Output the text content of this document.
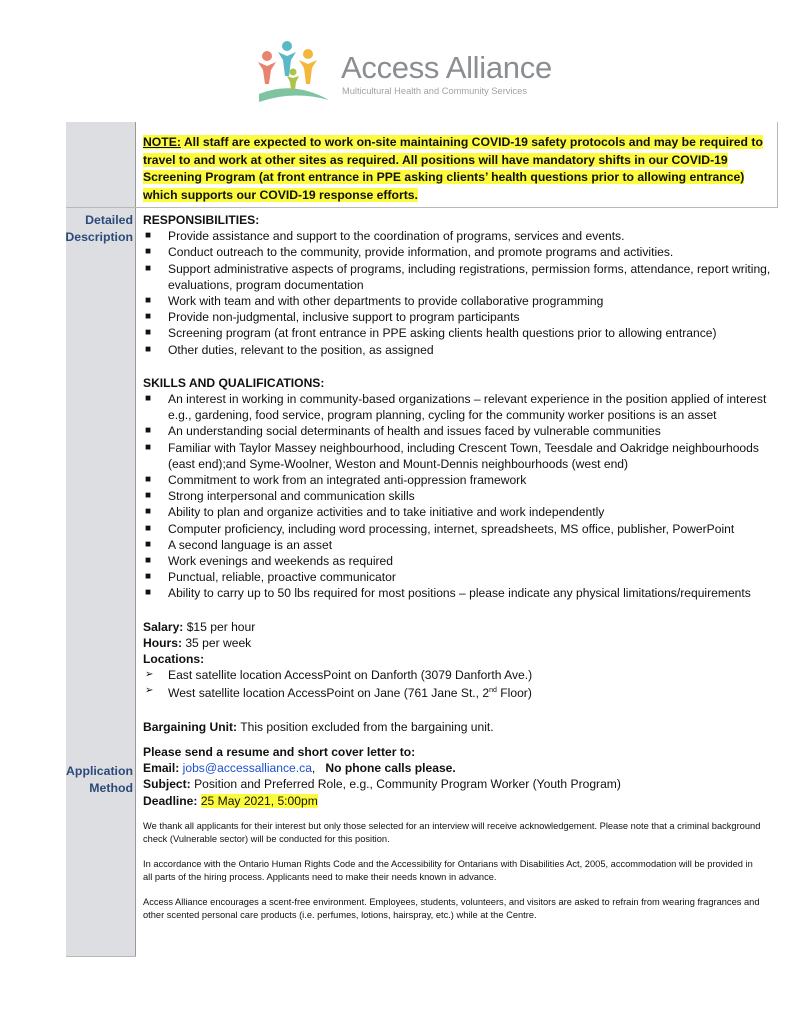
Access Alliance
Multicultural Health and Community Services
Detailed
Description
Application
Method
NOTE: All staff are expected to work on-site maintaining COVID-19 safety protocols and may be required to travel to and work at other sites as required. All positions will have mandatory shifts in our COVID-19 Screening Program (at front entrance in PPE asking clients’ health questions prior to allowing entrance) which supports our COVID-19 response efforts.
RESPONSIBILITIES:
■ Provide assistance and support to the coordination of programs, services and events.
■ Conduct outreach to the community, provide information, and promote programs and activities.
■ Support administrative aspects of programs, including registrations, permission forms, attendance, report writing, evaluations, program documentation
■ Work with team and with other departments to provide collaborative programming
■ Provide non-judgmental, inclusive support to program participants
■ Screening program (at front entrance in PPE asking clients health questions prior to allowing entrance)
■ Other duties, relevant to the position, as assigned
SKILLS AND QUALIFICATIONS:
■ An interest in working in community-based organizations – relevant experience in the position applied of interest e.g., gardening, food service, program planning, cycling for the community worker positions is an asset
■ An understanding social determinants of health and issues faced by vulnerable communities
■ Familiar with Taylor Massey neighbourhood, including Crescent Town, Teesdale and Oakridge neighbourhoods (east end);and Syme-Woolner, Weston and Mount-Dennis neighbourhoods (west end)
■ Commitment to work from an integrated anti-oppression framework
■ Strong interpersonal and communication skills
■ Ability to plan and organize activities and to take initiative and work independently
■ Computer proficiency, including word processing, internet, spreadsheets, MS office, publisher, PowerPoint
■ A second language is an asset
■ Work evenings and weekends as required
■ Punctual, reliable, proactive communicator
■ Ability to carry up to 50 lbs required for most positions – please indicate any physical limitations/requirements
Salary: $15 per hour
Hours: 35 per week
Locations:
➢ East satellite location AccessPoint on Danforth (3079 Danforth Ave.)
➢ West satellite location AccessPoint on Jane (761 Jane St., 2nd Floor)
Bargaining Unit: This position excluded from the bargaining unit.
Please send a resume and short cover letter to:
Email: jobs@accessalliance.ca,   No phone calls please.
Subject: Position and Preferred Role, e.g., Community Program Worker (Youth Program)
Deadline: 25 May 2021, 5:00pm
We thank all applicants for their interest but only those selected for an interview will receive acknowledgement. Please note that a criminal background check (Vulnerable sector) will be conducted for this position.
In accordance with the Ontario Human Rights Code and the Accessibility for Ontarians with Disabilities Act, 2005, accommodation will be provided in all parts of the hiring process. Applicants need to make their needs known in advance.
Access Alliance encourages a scent-free environment. Employees, students, volunteers, and visitors are asked to refrain from wearing fragrances and other scented personal care products (i.e. perfumes, lotions, hairspray, etc.) while at the Centre.
